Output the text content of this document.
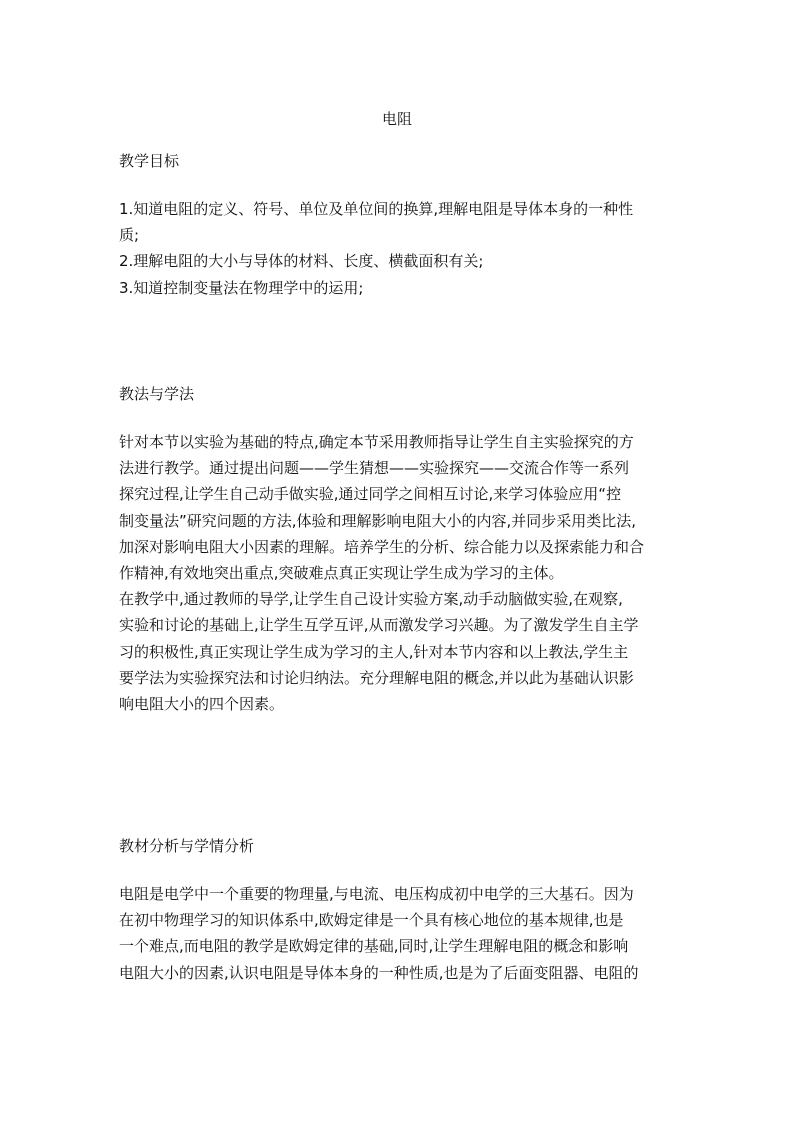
电阻
教学目标
1.知道电阻的定义、符号、单位及单位间的换算,理解电阻是导体本身的一种性
质;
2.理解电阻的大小与导体的材料、长度、横截面积有关;
3.知道控制变量法在物理学中的运用;
教法与学法
针对本节以实验为基础的特点,确定本节采用教师指导让学生自主实验探究的方
法进行教学。通过提出问题——学生猜想——实验探究——交流合作等一系列
探究过程,让学生自己动手做实验,通过同学之间相互讨论,来学习体验应用“控
制变量法”研究问题的方法,体验和理解影响电阻大小的内容,并同步采用类比法,
加深对影响电阻大小因素的理解。培养学生的分析、综合能力以及探索能力和合
作精神,有效地突出重点,突破难点真正实现让学生成为学习的主体。
在教学中,通过教师的导学,让学生自己设计实验方案,动手动脑做实验,在观察,
实验和讨论的基础上,让学生互学互评,从而激发学习兴趣。为了激发学生自主学
习的积极性,真正实现让学生成为学习的主人,针对本节内容和以上教法,学生主
要学法为实验探究法和讨论归纳法。充分理解电阻的概念,并以此为基础认识影
响电阻大小的四个因素。
教材分析与学情分析
电阻是电学中一个重要的物理量,与电流、电压构成初中电学的三大基石。因为
在初中物理学习的知识体系中,欧姆定律是一个具有核心地位的基本规律,也是
一个难点,而电阻的教学是欧姆定律的基础,同时,让学生理解电阻的概念和影响
电阻大小的因素,认识电阻是导体本身的一种性质,也是为了后面变阻器、电阻的
